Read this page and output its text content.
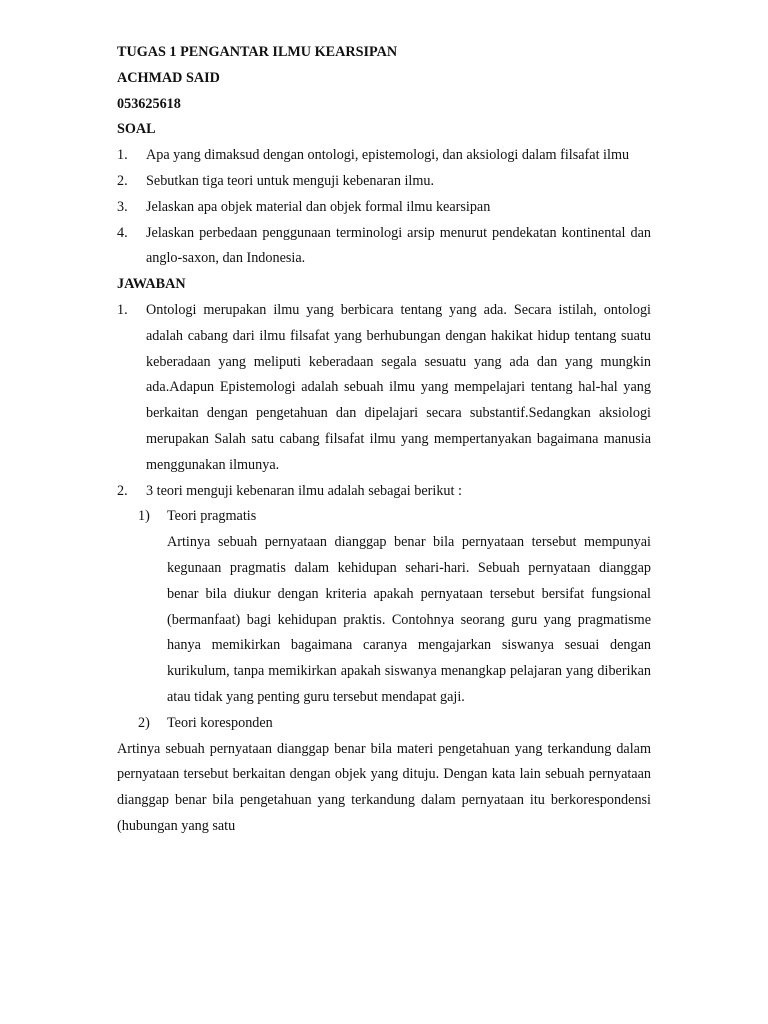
TUGAS 1 PENGANTAR ILMU KEARSIPAN
ACHMAD SAID
053625618
SOAL
1. Apa yang dimaksud dengan ontologi, epistemologi, dan aksiologi dalam filsafat ilmu
2. Sebutkan tiga teori untuk menguji kebenaran ilmu.
3. Jelaskan apa objek material dan objek formal ilmu kearsipan
4. Jelaskan perbedaan penggunaan terminologi arsip menurut pendekatan kontinental dan anglo-saxon, dan Indonesia.
JAWABAN
1. Ontologi merupakan ilmu yang berbicara tentang yang ada. Secara istilah, ontologi adalah cabang dari ilmu filsafat yang berhubungan dengan hakikat hidup tentang suatu keberadaan yang meliputi keberadaan segala sesuatu yang ada dan yang mungkin ada.Adapun Epistemologi adalah sebuah ilmu yang mempelajari tentang hal-hal yang berkaitan dengan pengetahuan dan dipelajari secara substantif.Sedangkan aksiologi merupakan Salah satu cabang filsafat ilmu yang mempertanyakan bagaimana manusia menggunakan ilmunya.
2. 3 teori menguji kebenaran ilmu adalah sebagai berikut :
1) Teori pragmatis
Artinya sebuah pernyataan dianggap benar bila pernyataan tersebut mempunyai kegunaan pragmatis dalam kehidupan sehari-hari. Sebuah pernyataan dianggap benar bila diukur dengan kriteria apakah pernyataan tersebut bersifat fungsional (bermanfaat) bagi kehidupan praktis. Contohnya seorang guru yang pragmatisme hanya memikirkan bagaimana caranya mengajarkan siswanya sesuai dengan kurikulum, tanpa memikirkan apakah siswanya menangkap pelajaran yang diberikan atau tidak yang penting guru tersebut mendapat gaji.
2) Teori koresponden

Artinya sebuah pernyataan dianggap benar bila materi pengetahuan yang terkandung dalam pernyataan tersebut berkaitan dengan objek yang dituju. Dengan kata lain sebuah pernyataan dianggap benar bila pengetahuan yang terkandung dalam pernyataan itu berkorespondensi (hubungan yang satu
